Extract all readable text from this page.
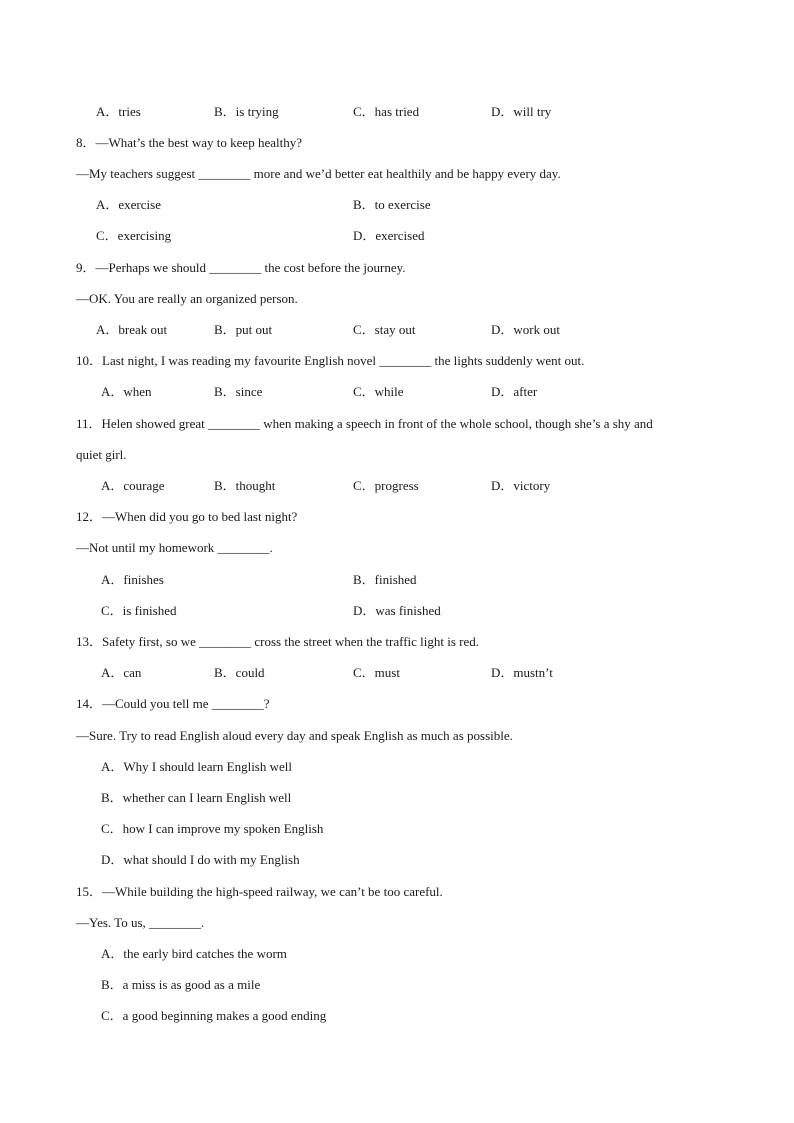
A．tries	B．is trying	C．has tried	D．will try
8．—What’s the best way to keep healthy?
—My teachers suggest ________ more and we’d better eat healthily and be happy every day.
A．exercise	B．to exercise
C．exercising	D．exercised
9．—Perhaps we should ________ the cost before the journey.
—OK. You are really an organized person.
A．break out	B．put out	C．stay out	D．work out
10．Last night, I was reading my favourite English novel ________ the lights suddenly went out.
A．when	B．since	C．while	D．after
11．Helen showed great ________ when making a speech in front of the whole school, though she’s a shy and
quiet girl.
A．courage	B．thought	C．progress	D．victory
12．—When did you go to bed last night?
—Not until my homework ________.
A．finishes	B．finished
C．is finished	D．was finished
13．Safety first, so we ________ cross the street when the traffic light is red.
A．can	B．could	C．must	D．mustn’t
14．—Could you tell me ________?
—Sure. Try to read English aloud every day and speak English as much as possible.
A．Why I should learn English well
B．whether can I learn English well
C．how I can improve my spoken English
D．what should I do with my English
15．—While building the high-speed railway, we can’t be too careful.
—Yes. To us, ________.
A．the early bird catches the worm
B．a miss is as good as a mile
C．a good beginning makes a good ending
